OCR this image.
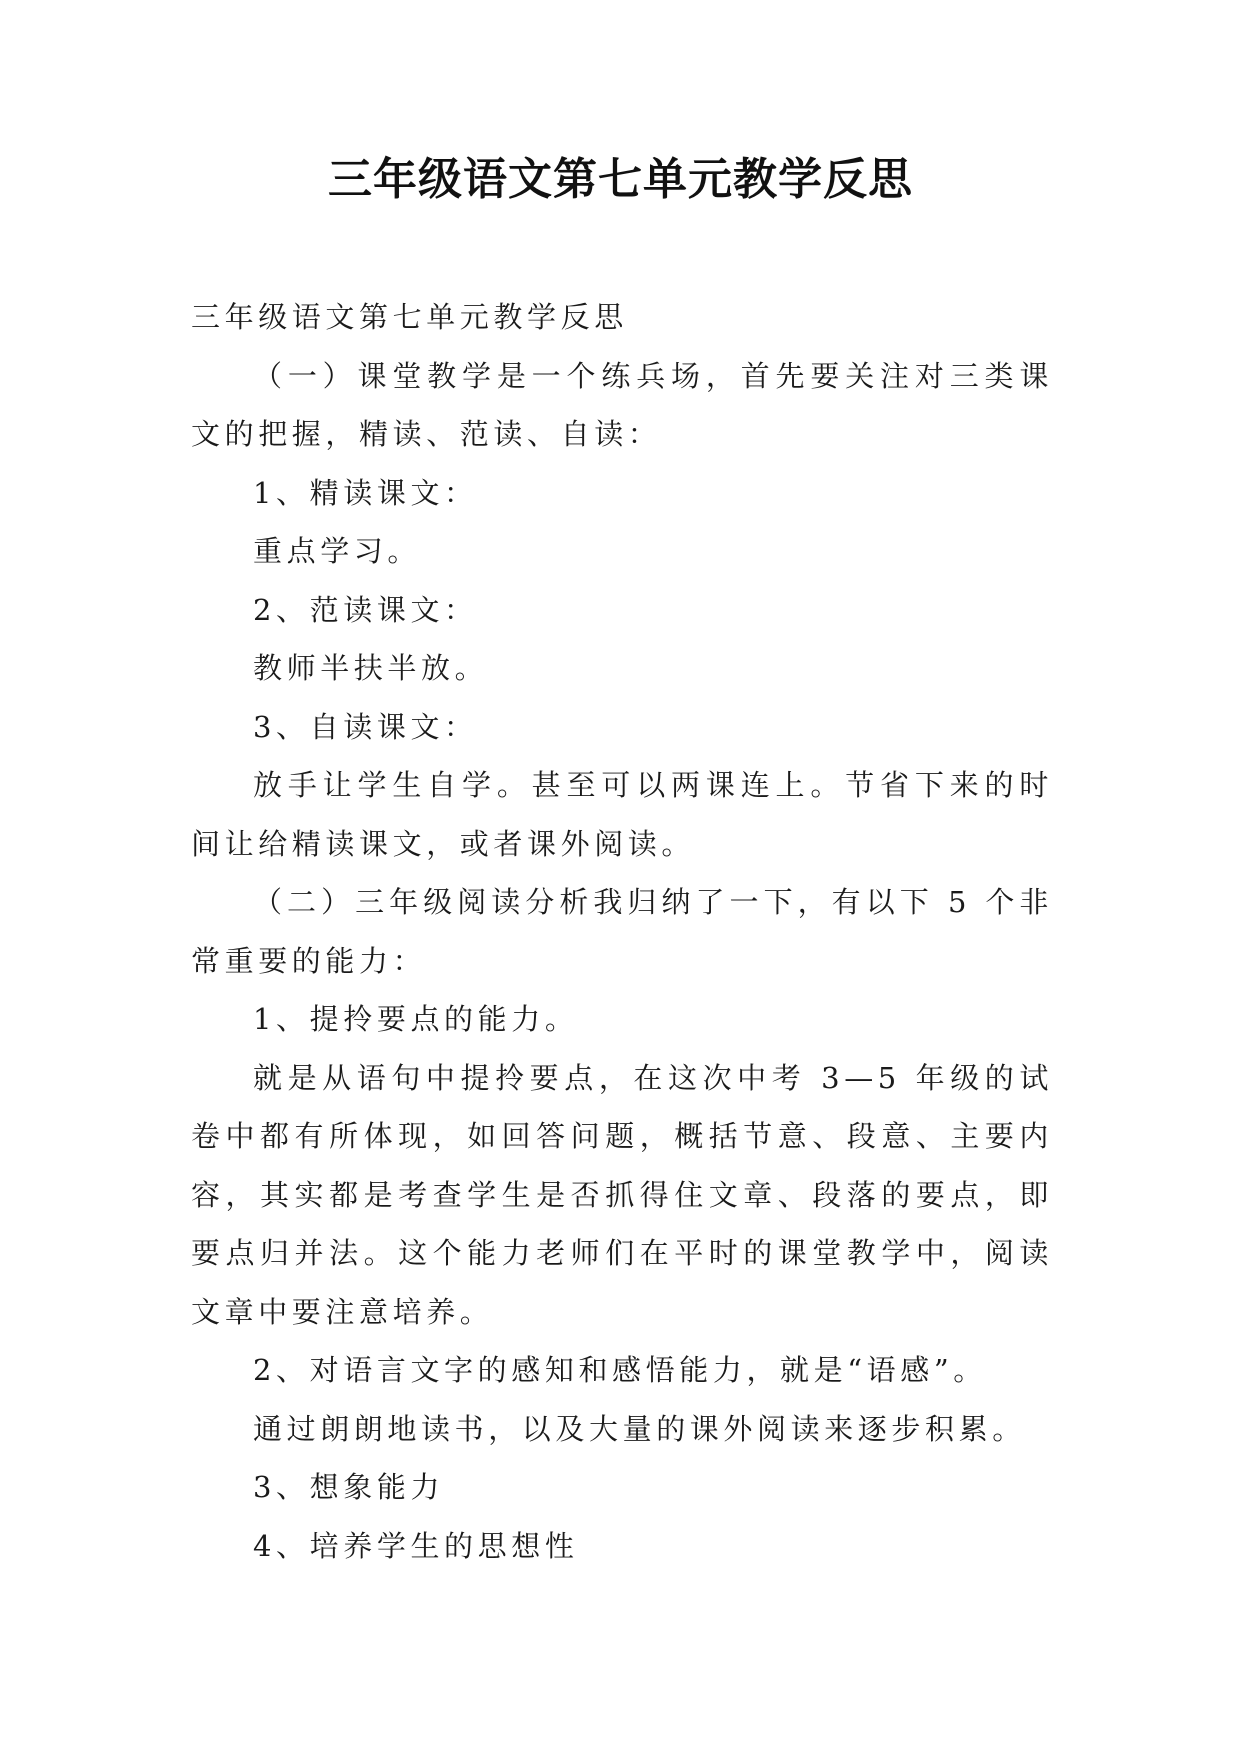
三年级语文第七单元教学反思

三年级语文第七单元教学反思

（一）课堂教学是一个练兵场，首先要关注对三类课文的把握，精读、范读、自读：

1、精读课文：

重点学习。

2、范读课文：

教师半扶半放。

3、自读课文：

放手让学生自学。甚至可以两课连上。节省下来的时间让给精读课文，或者课外阅读。

（二）三年级阅读分析我归纳了一下，有以下 5 个非常重要的能力：

1、提拎要点的能力。

就是从语句中提拎要点，在这次中考 3—5 年级的试卷中都有所体现，如回答问题，概括节意、段意、主要内容，其实都是考查学生是否抓得住文章、段落的要点，即要点归并法。这个能力老师们在平时的课堂教学中，阅读文章中要注意培养。

2、对语言文字的感知和感悟能力，就是“语感”。

通过朗朗地读书，以及大量的课外阅读来逐步积累。

3、想象能力

4、培养学生的思想性
